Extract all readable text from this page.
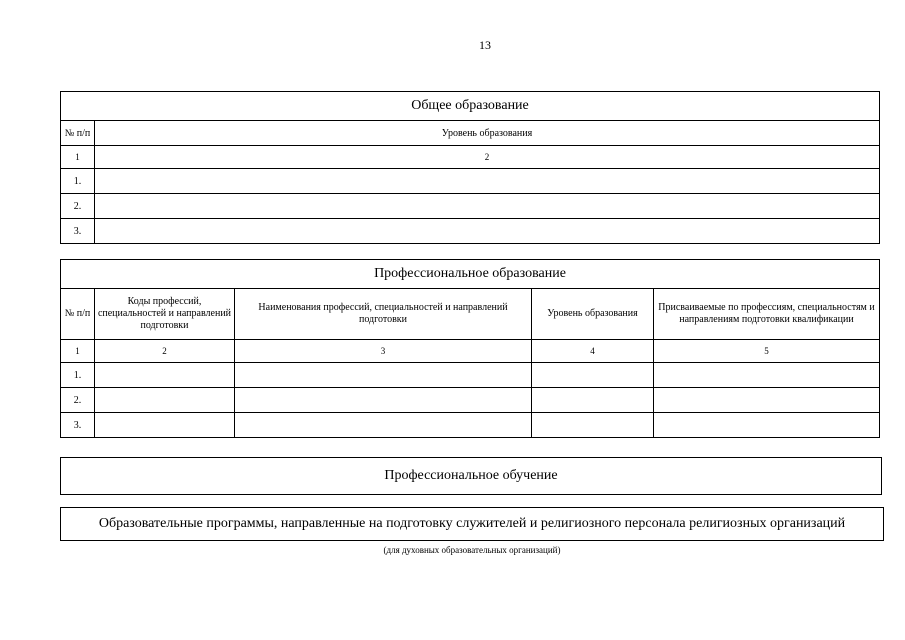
13
Общее образование	
№ п/п	Уровень образования
1	2
1.	
2.	
3.	
Профессиональное образование				
№ п/п	Коды профессий, специальностей и направлений подготовки	Наименования профессий, специальностей и направлений подготовки	Уровень образования	Присваиваемые по профессиям, специальностям и направлениям подготовки квалификации
1	2	3	4	5
1.				
2.				
3.				
Профессиональное обучение
Образовательные программы, направленные на подготовку служителей и религиозного персонала религиозных организаций
(для духовных образовательных организаций)
